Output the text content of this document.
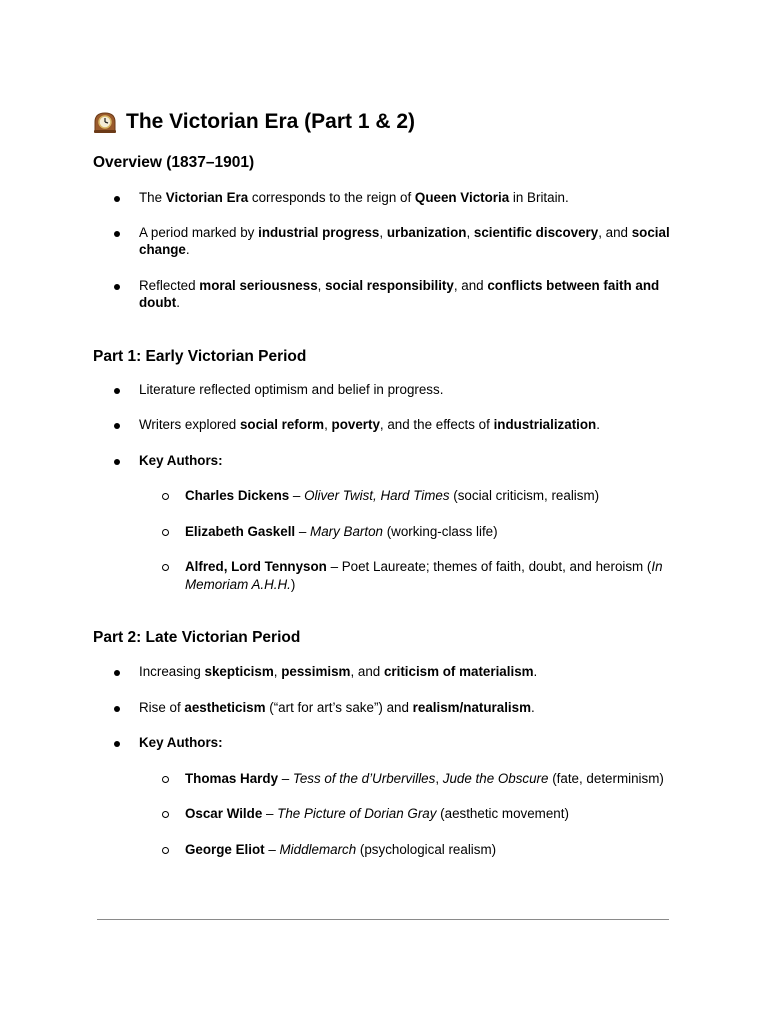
The Victorian Era (Part 1 & 2)
Overview (1837–1901)
The Victorian Era corresponds to the reign of Queen Victoria in Britain.
A period marked by industrial progress, urbanization, scientific discovery, and social change.
Reflected moral seriousness, social responsibility, and conflicts between faith and doubt.
Part 1: Early Victorian Period
Literature reflected optimism and belief in progress.
Writers explored social reform, poverty, and the effects of industrialization.
Key Authors:
Charles Dickens – Oliver Twist, Hard Times (social criticism, realism)
Elizabeth Gaskell – Mary Barton (working-class life)
Alfred, Lord Tennyson – Poet Laureate; themes of faith, doubt, and heroism (In Memoriam A.H.H.)
Part 2: Late Victorian Period
Increasing skepticism, pessimism, and criticism of materialism.
Rise of aestheticism (“art for art’s sake”) and realism/naturalism.
Key Authors:
Thomas Hardy – Tess of the d’Urbervilles, Jude the Obscure (fate, determinism)
Oscar Wilde – The Picture of Dorian Gray (aesthetic movement)
George Eliot – Middlemarch (psychological realism)
